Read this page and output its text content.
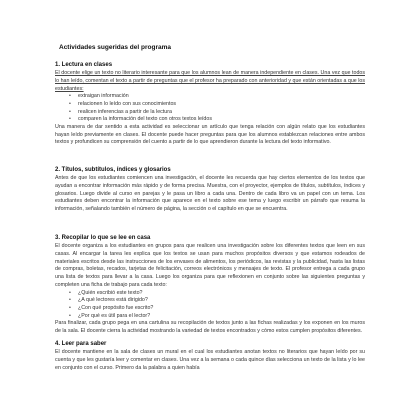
Actividades sugeridas del programa

1. Lectura en clases

El docente elige un texto no literario interesante para que los alumnos lean de manera independiente en clases. Una vez que todos lo han leído, comentan el texto a partir de preguntas que el profesor ha preparado con anterioridad y que están orientadas a que los estudiantes:

• extraigan información
• relacionen lo leído con sus conocimientos
• realicen inferencias a partir de la lectura
• comparen la información del texto con otros textos leídos

Una manera de dar sentido a esta actividad es seleccionar un artículo que tenga relación con algún relato que los estudiantes hayan leído previamente en clases. El docente puede hacer preguntas para que los alumnos establezcan relaciones entre ambos textos y profundicen su comprensión del cuento a partir de lo que aprendieron durante la lectura del texto informativo.

2. Títulos, subtítulos, índices y glosarios

Antes de que los estudiantes comiencen una investigación, el docente les recuerda que hay ciertos elementos de los textos que ayudan a encontrar información más rápido y de forma precisa. Muestra, con el proyector, ejemplos de títulos, subtítulos, índices y glosarios. Luego divide al curso en parejas y le pasa un libro a cada una. Dentro de cada libro va un papel con un tema. Los estudiantes deben encontrar la información que aparece en el texto sobre ese tema y luego escribir un párrafo que resuma la información, señalando también el número de página, la sección o el capítulo en que se encuentra.

3. Recopilar lo que se lee en casa

El docente organiza a los estudiantes en grupos para que realicen una investigación sobre los diferentes textos que leen en sus casas. Al encargar la tarea les explica que los textos se usan para muchos propósitos diversos y que estamos rodeados de materiales escritos desde las instrucciones de los envases de alimentos, los periódicos, las revistas y la publicidad, hasta las listas de compras, boletas, recados, tarjetas de felicitación, correos electrónicos y mensajes de texto. El profesor entrega a cada grupo una lista de textos para llevar a la casa. Luego los organiza para que reflexionen en conjunto sobre las siguientes preguntas y completen una ficha de trabajo para cada texto:

• ¿Quién escribió este texto?
• ¿A qué lectores está dirigido?
• ¿Con qué propósito fue escrito?
• ¿Por qué es útil para el lector?

Para finalizar, cada grupo pega en una cartulina su recopilación de textos junto a las fichas realizadas y los exponen en los muros de la sala. El docente cierra la actividad mostrando la variedad de textos encontrados y cómo estos cumplen propósitos diferentes.

4. Leer para saber

El docente mantiene en la sala de clases un mural en el cual los estudiantes anotan textos no literarios que hayan leído por su cuenta y que les gustaría leer y comentar en clases. Una vez a la semana o cada quince días selecciona un texto de la lista y lo lee en conjunto con el curso. Primero da la palabra a quien había
